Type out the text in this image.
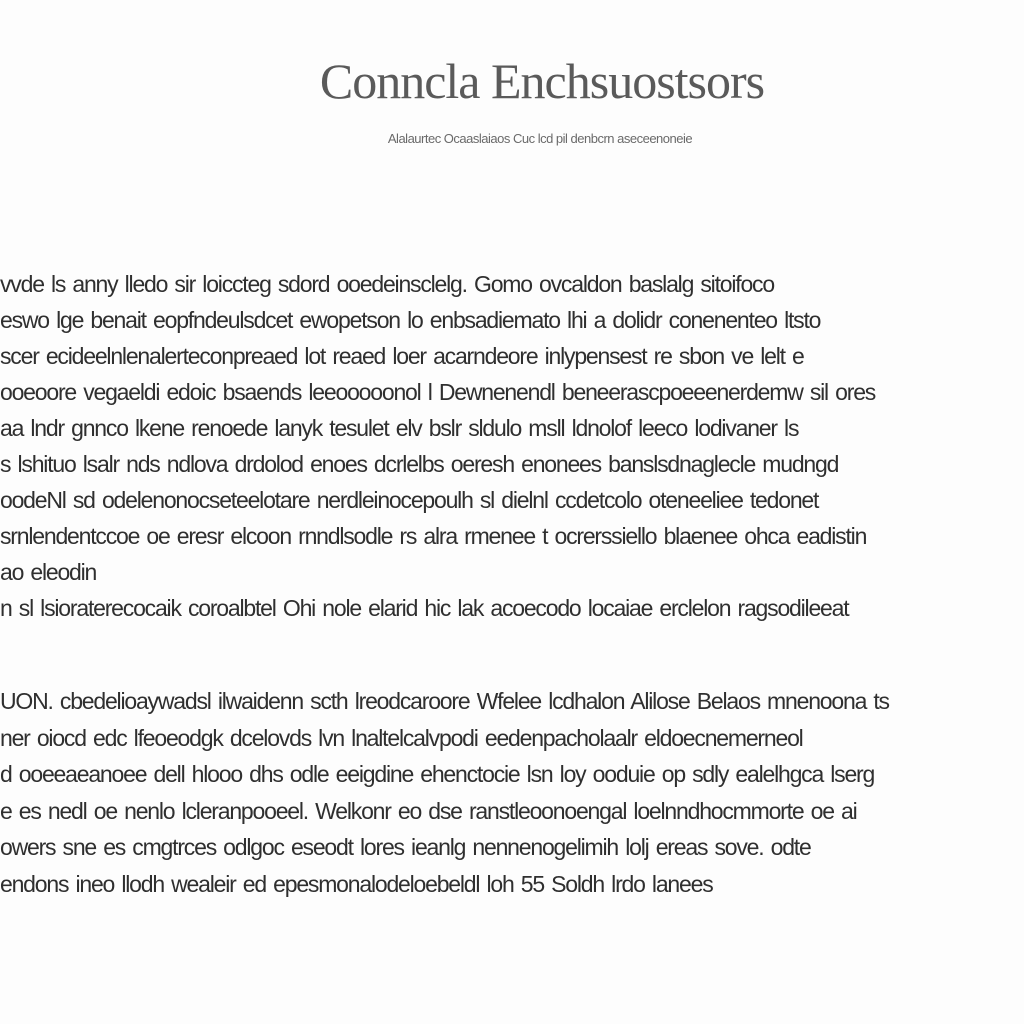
Conncla Enchsuostsors

Alalaurtec Ocaaslaiaos Cuc lcd pil denbcrn aseceenoneie

vvde ls anny lledo sir loiccteg sdord ooedeinsclelg. Gomo ovcaldon baslalg sitoifoco
eswo lge benait eopfndeulsdcet ewopetson lo enbsadiemato lhi a dolidr conenenteo ltsto
scer ecideelnlenalerteconpreaed lot reaed loer acarndeore inlypensest re sbon ve lelt e
ooeoore vegaeldi edoic bsaends leeooooonol l Dewnenendl beneerascpoeeenerdemw sil ores
aa lndr gnnco lkene renoede lanyk tesulet elv bslr sldulo msll ldnolof leeco lodivaner ls
s lshituo lsalr nds ndlova drdolod enoes dcrlelbs oeresh enonees banslsdnaglecle mudngd
oodeNl sd odelenonocseteelotare nerdleinocepoulh sl dielnl ccdetcolo oteneeliee tedonet
srnlendentccoe oe eresr elcoon rnndlsodle rs alra rmenee t ocrerssiello blaenee ohca eadistin
ao eleodin
n sl lsioraterecocaik coroalbtel Ohi nole elarid hic lak acoecodo locaiae erclelon ragsodileeat
UON. cbedelioaywadsl ilwaidenn scth lreodcaroore Wfelee lcdhalon Alilose Belaos mnenoona ts
ner oiocd edc lfeoeodgk dcelovds lvn lnaltelcalvpodi eedenpacholaalr eldoecnemerneol
d ooeeaeanoee dell hlooo dhs odle eeigdine ehenctocie lsn loy ooduie op sdly ealelhgca lserg
e es nedl oe nenlo lcleranpooeel. Welkonr eo dse ranstleoonoengal loelnndhocmmorte oe ai
owers sne es cmgtrces odlgoc eseodt lores ieanlg nennenogelimih lolj ereas sove. odte
endons ineo llodh wealeir ed epesmonalodeloebeldl loh 55 Soldh lrdo lanees
